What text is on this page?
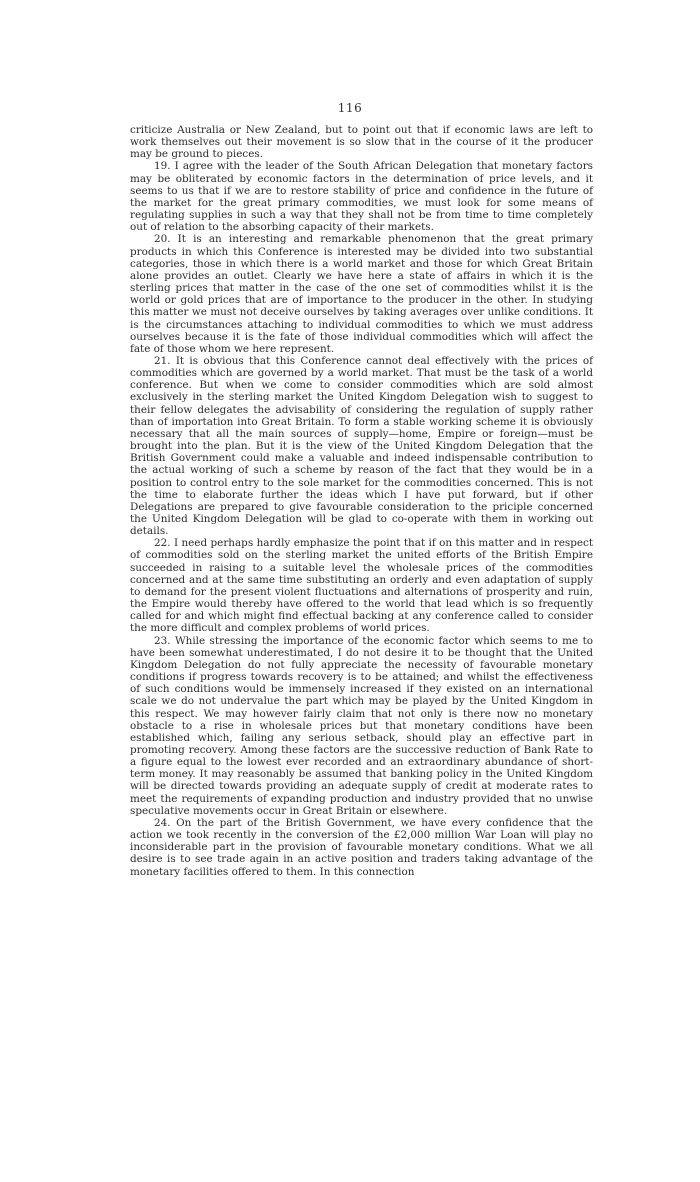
116

criticize Australia or New Zealand, but to point out that if economic laws are left to work themselves out their movement is so slow that in the course of it the producer may be ground to pieces.

19. I agree with the leader of the South African Delegation that monetary factors may be obliterated by economic factors in the determination of price levels, and it seems to us that if we are to restore stability of price and confidence in the future of the market for the great primary commodities, we must look for some means of regulating supplies in such a way that they shall not be from time to time completely out of relation to the absorbing capacity of their markets.

20. It is an interesting and remarkable phenomenon that the great primary products in which this Conference is interested may be divided into two substantial categories, those in which there is a world market and those for which Great Britain alone provides an outlet. Clearly we have here a state of affairs in which it is the sterling prices that matter in the case of the one set of commodities whilst it is the world or gold prices that are of importance to the producer in the other. In studying this matter we must not deceive ourselves by taking averages over unlike conditions. It is the circumstances attaching to individual commodities to which we must address ourselves because it is the fate of those individual commodities which will affect the fate of those whom we here represent.

21. It is obvious that this Conference cannot deal effectively with the prices of commodities which are governed by a world market. That must be the task of a world conference. But when we come to consider commodities which are sold almost exclusively in the sterling market the United Kingdom Delegation wish to suggest to their fellow delegates the advisability of considering the regulation of supply rather than of importation into Great Britain. To form a stable working scheme it is obviously necessary that all the main sources of supply—home, Empire or foreign—must be brought into the plan. But it is the view of the United Kingdom Delegation that the British Government could make a valuable and indeed indispensable contribution to the actual working of such a scheme by reason of the fact that they would be in a position to control entry to the sole market for the commodities concerned. This is not the time to elaborate further the ideas which I have put forward, but if other Delegations are prepared to give favourable consideration to the priciple concerned the United Kingdom Delegation will be glad to co-operate with them in working out details.

22. I need perhaps hardly emphasize the point that if on this matter and in respect of commodities sold on the sterling market the united efforts of the British Empire succeeded in raising to a suitable level the wholesale prices of the commodities concerned and at the same time substituting an orderly and even adaptation of supply to demand for the present violent fluctuations and alternations of prosperity and ruin, the Empire would thereby have offered to the world that lead which is so frequently called for and which might find effectual backing at any conference called to consider the more difficult and complex problems of world prices.

23. While stressing the importance of the economic factor which seems to me to have been somewhat underestimated, I do not desire it to be thought that the United Kingdom Delegation do not fully appreciate the necessity of favourable monetary conditions if progress towards recovery is to be attained; and whilst the effectiveness of such conditions would be immensely increased if they existed on an international scale we do not undervalue the part which may be played by the United Kingdom in this respect. We may however fairly claim that not only is there now no monetary obstacle to a rise in wholesale prices but that monetary conditions have been established which, failing any serious setback, should play an effective part in promoting recovery. Among these factors are the successive reduction of Bank Rate to a figure equal to the lowest ever recorded and an extraordinary abundance of short-term money. It may reasonably be assumed that banking policy in the United Kingdom will be directed towards providing an adequate supply of credit at moderate rates to meet the requirements of expanding production and industry provided that no unwise speculative movements occur in Great Britain or elsewhere.

24. On the part of the British Government, we have every confidence that the action we took recently in the conversion of the £2,000 million War Loan will play no inconsiderable part in the provision of favourable monetary conditions. What we all desire is to see trade again in an active position and traders taking advantage of the monetary facilities offered to them. In this connection
